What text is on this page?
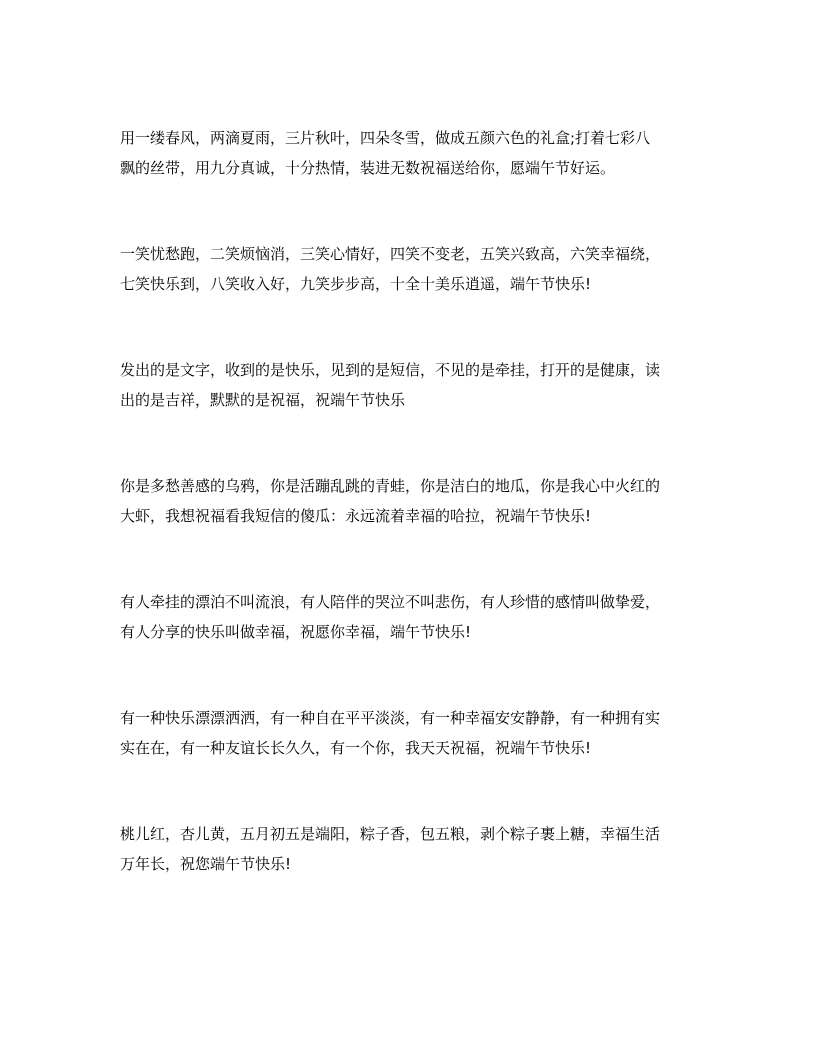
用一缕春风，两滴夏雨，三片秋叶，四朵冬雪，做成五颜六色的礼盒;打着七彩八
飘的丝带，用九分真诚，十分热情，装进无数祝福送给你，愿端午节好运。

一笑忧愁跑，二笑烦恼消，三笑心情好，四笑不变老，五笑兴致高，六笑幸福绕，
七笑快乐到，八笑收入好，九笑步步高，十全十美乐逍遥，端午节快乐!

发出的是文字，收到的是快乐，见到的是短信，不见的是牵挂，打开的是健康，读
出的是吉祥，默默的是祝福，祝端午节快乐

你是多愁善感的乌鸦，你是活蹦乱跳的青蛙，你是洁白的地瓜，你是我心中火红的
大虾，我想祝福看我短信的傻瓜：永远流着幸福的哈拉，祝端午节快乐!

有人牵挂的漂泊不叫流浪，有人陪伴的哭泣不叫悲伤，有人珍惜的感情叫做挚爱，
有人分享的快乐叫做幸福，祝愿你幸福，端午节快乐!

有一种快乐漂漂洒洒，有一种自在平平淡淡，有一种幸福安安静静，有一种拥有实
实在在，有一种友谊长长久久，有一个你，我天天祝福，祝端午节快乐!

桃儿红，杏儿黄，五月初五是端阳，粽子香，包五粮，剥个粽子裹上糖，幸福生活
万年长，祝您端午节快乐!
